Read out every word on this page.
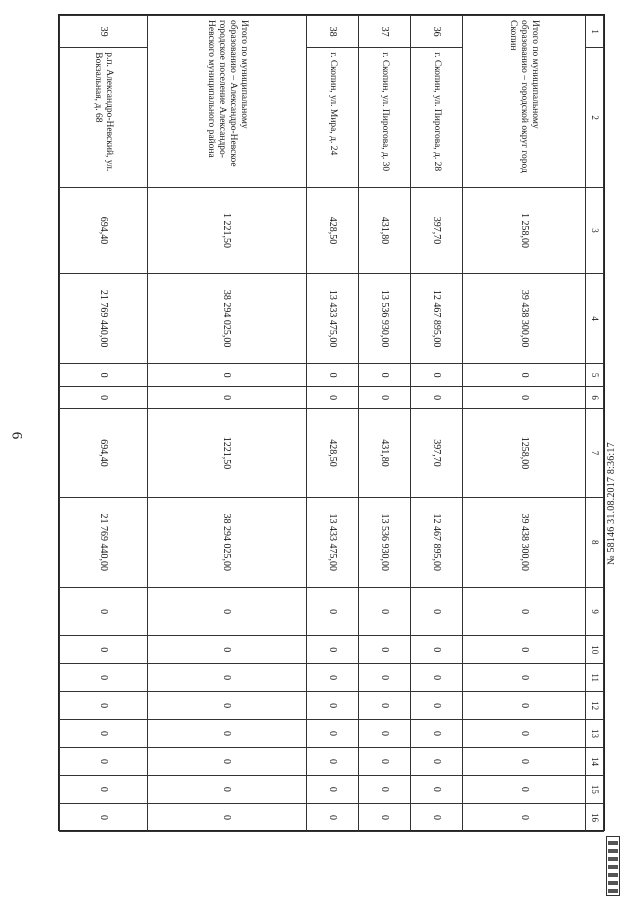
6
1	2	3	4	5	6	7	8	9	10	11	12	13	14	15	16
Итого по муниципальному образованию – городской округ город Скопин		1 258,00	39 438 300,00	0	0	1258,00	39 438 300,00	0	0	0	0	0	0	0	0
36	г. Скопин, ул. Пирогова, д. 28	397,70	12 467 895,00	0	0	397,70	12 467 895,00	0	0	0	0	0	0	0	0
37	г. Скопин, ул. Пирогова, д. 30	431,80	13 536 930,00	0	0	431,80	13 536 930,00	0	0	0	0	0	0	0	0
38	г. Скопин, ул. Мира, д. 24	428,50	13 433 475,00	0	0	428,50	13 433 475,00	0	0	0	0	0	0	0	0
Итого по муниципальному образованию – Александро-Невское городское поселение Александро-Невского муниципального района		1 221,50	38 294 025,00	0	0	1221,50	38 294 025,00	0	0	0	0	0	0	0	0
39	р.п. Александро-Невский, ул. Вокзальная, д. 68	694,40	21 769 440,00	0	0	694,40	21 769 440,00	0	0	0	0	0	0	0	0
№ 58146 31.08.2017 8:36:17
